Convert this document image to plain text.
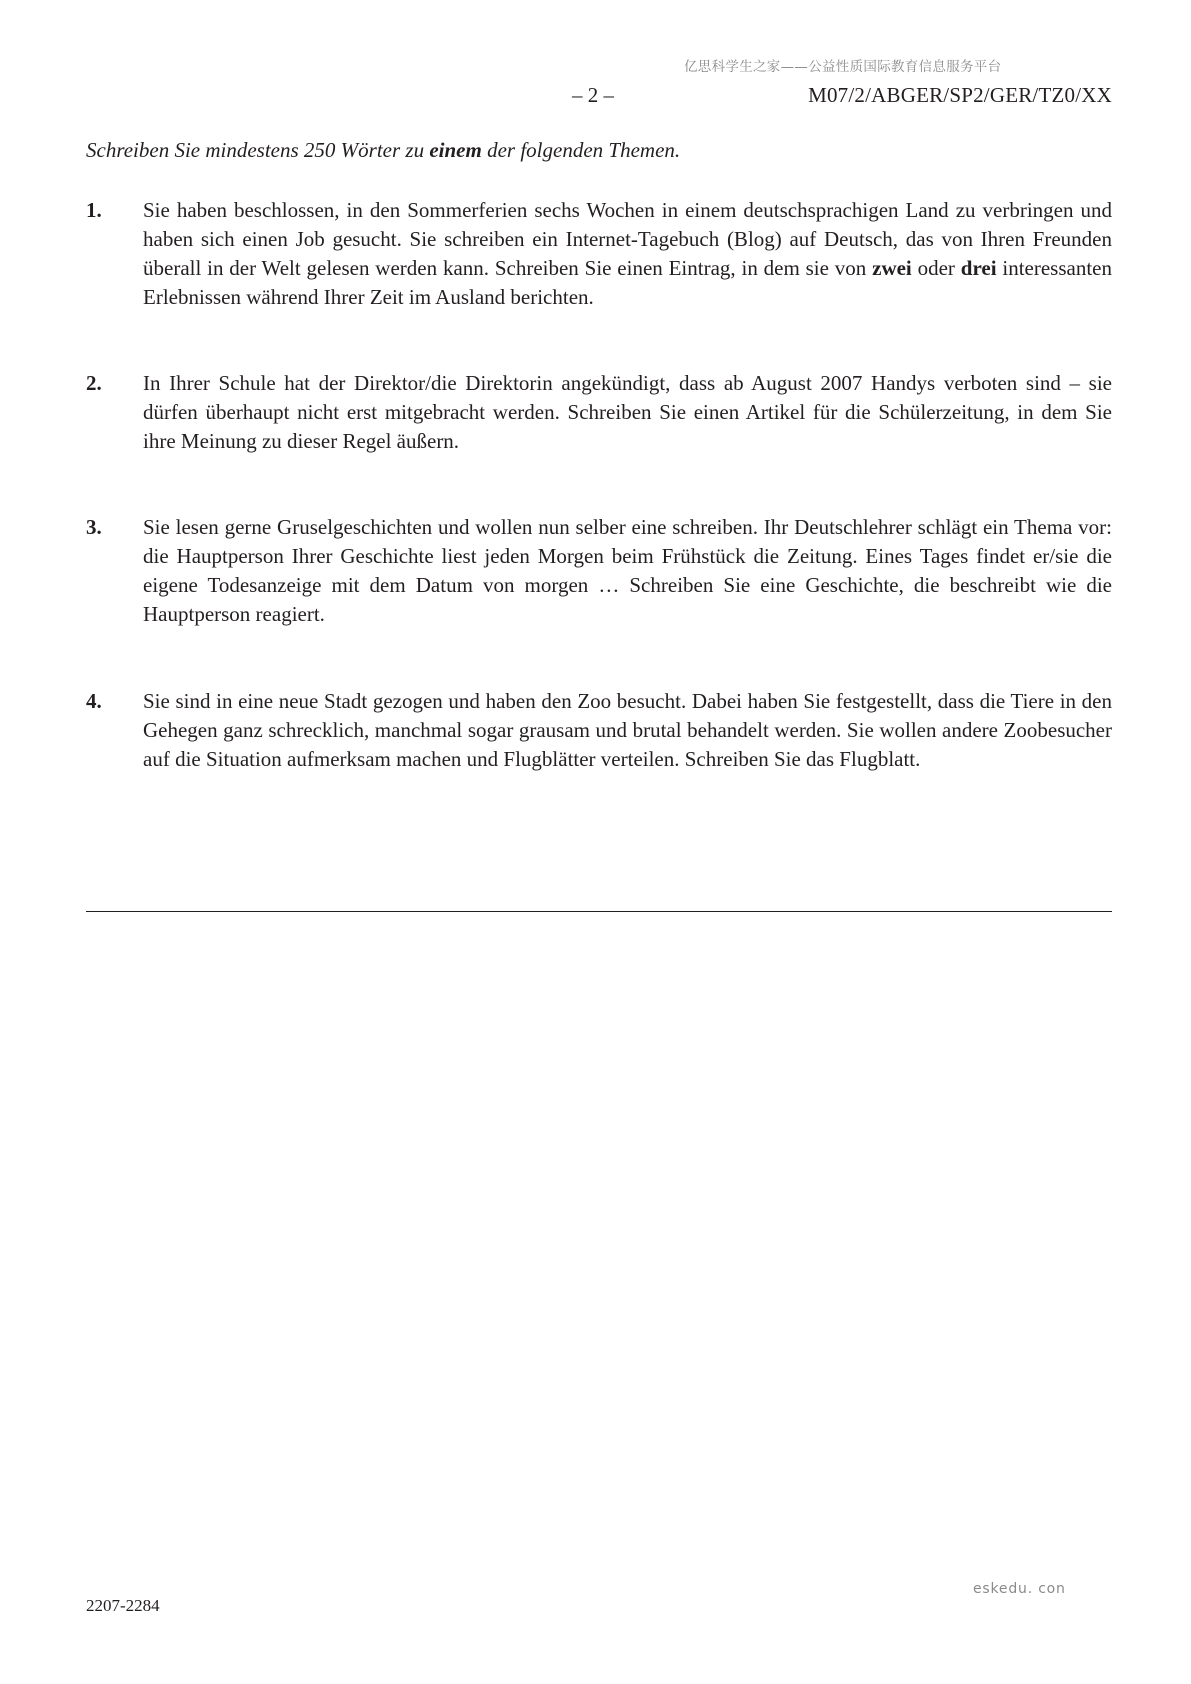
亿思科学生之家——公益性质国际教育信息服务平台
– 2 –	M07/2/ABGER/SP2/GER/TZ0/XX
Schreiben Sie mindestens 250 Wörter zu einem der folgenden Themen.
1. Sie haben beschlossen, in den Sommerferien sechs Wochen in einem deutschsprachigen Land zu verbringen und haben sich einen Job gesucht. Sie schreiben ein Internet-Tagebuch (Blog) auf Deutsch, das von Ihren Freunden überall in der Welt gelesen werden kann. Schreiben Sie einen Eintrag, in dem sie von zwei oder drei interessanten Erlebnissen während Ihrer Zeit im Ausland berichten.
2. In Ihrer Schule hat der Direktor/die Direktorin angekündigt, dass ab August 2007 Handys verboten sind – sie dürfen überhaupt nicht erst mitgebracht werden. Schreiben Sie einen Artikel für die Schülerzeitung, in dem Sie ihre Meinung zu dieser Regel äußern.
3. Sie lesen gerne Gruselgeschichten und wollen nun selber eine schreiben. Ihr Deutschlehrer schlägt ein Thema vor: die Hauptperson Ihrer Geschichte liest jeden Morgen beim Frühstück die Zeitung. Eines Tages findet er/sie die eigene Todesanzeige mit dem Datum von morgen … Schreiben Sie eine Geschichte, die beschreibt wie die Hauptperson reagiert.
4. Sie sind in eine neue Stadt gezogen und haben den Zoo besucht. Dabei haben Sie festgestellt, dass die Tiere in den Gehegen ganz schrecklich, manchmal sogar grausam und brutal behandelt werden. Sie wollen andere Zoobesucher auf die Situation aufmerksam machen und Flugblätter verteilen. Schreiben Sie das Flugblatt.
eskedu. con
2207-2284
